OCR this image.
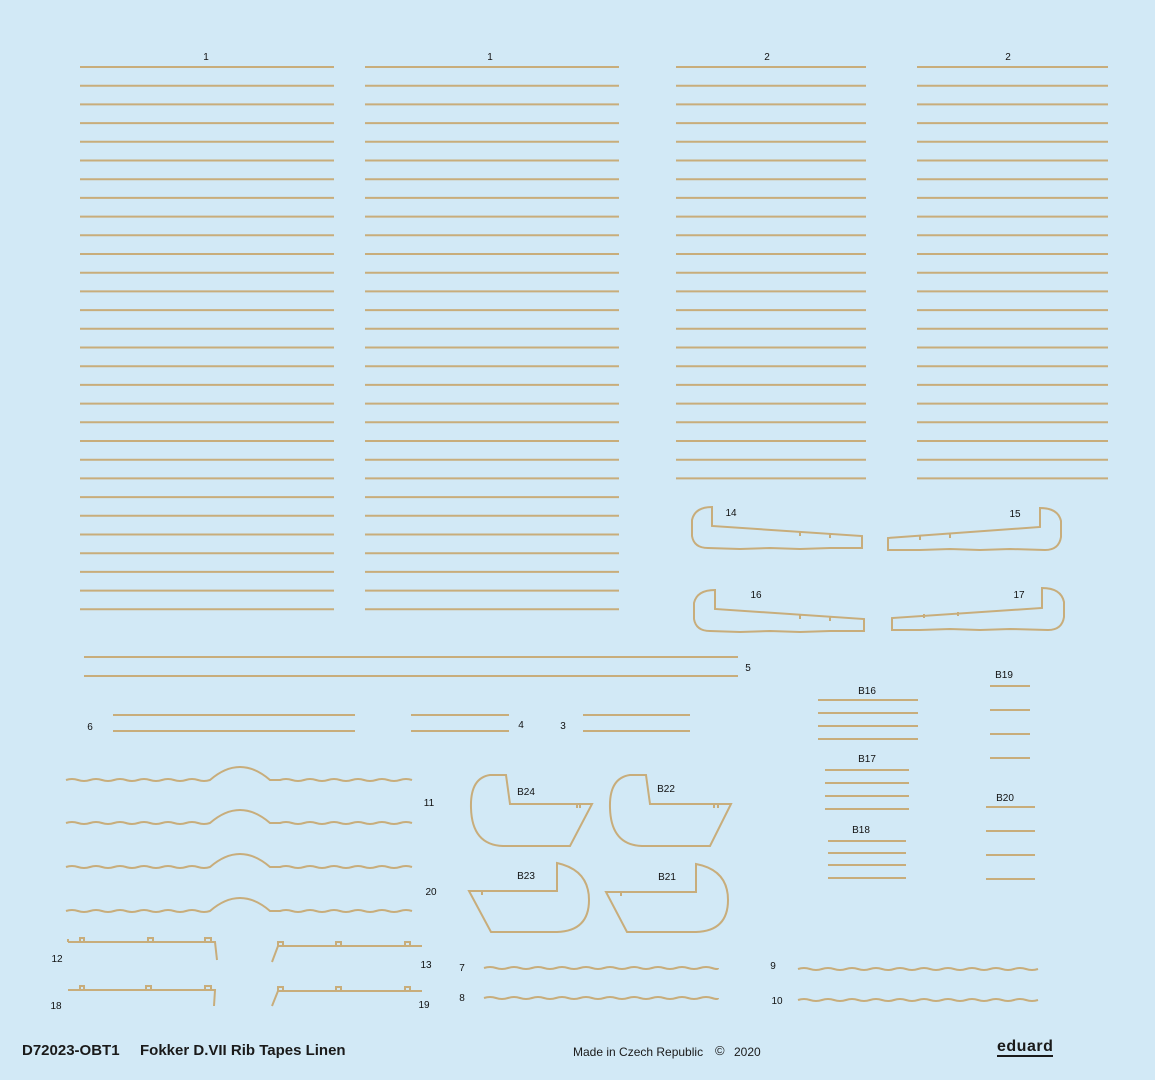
1	1	2	2
14	15
16	17
5
6	4	3
B16
B17
B18
B19
B20
B24	B22
B23	B21
11
20
12
13
18	19
7
8
9
10
D72023-OBT1 Fokker D.VII Rib Tapes Linen	Made in Czech Republic © 2020	eduard
